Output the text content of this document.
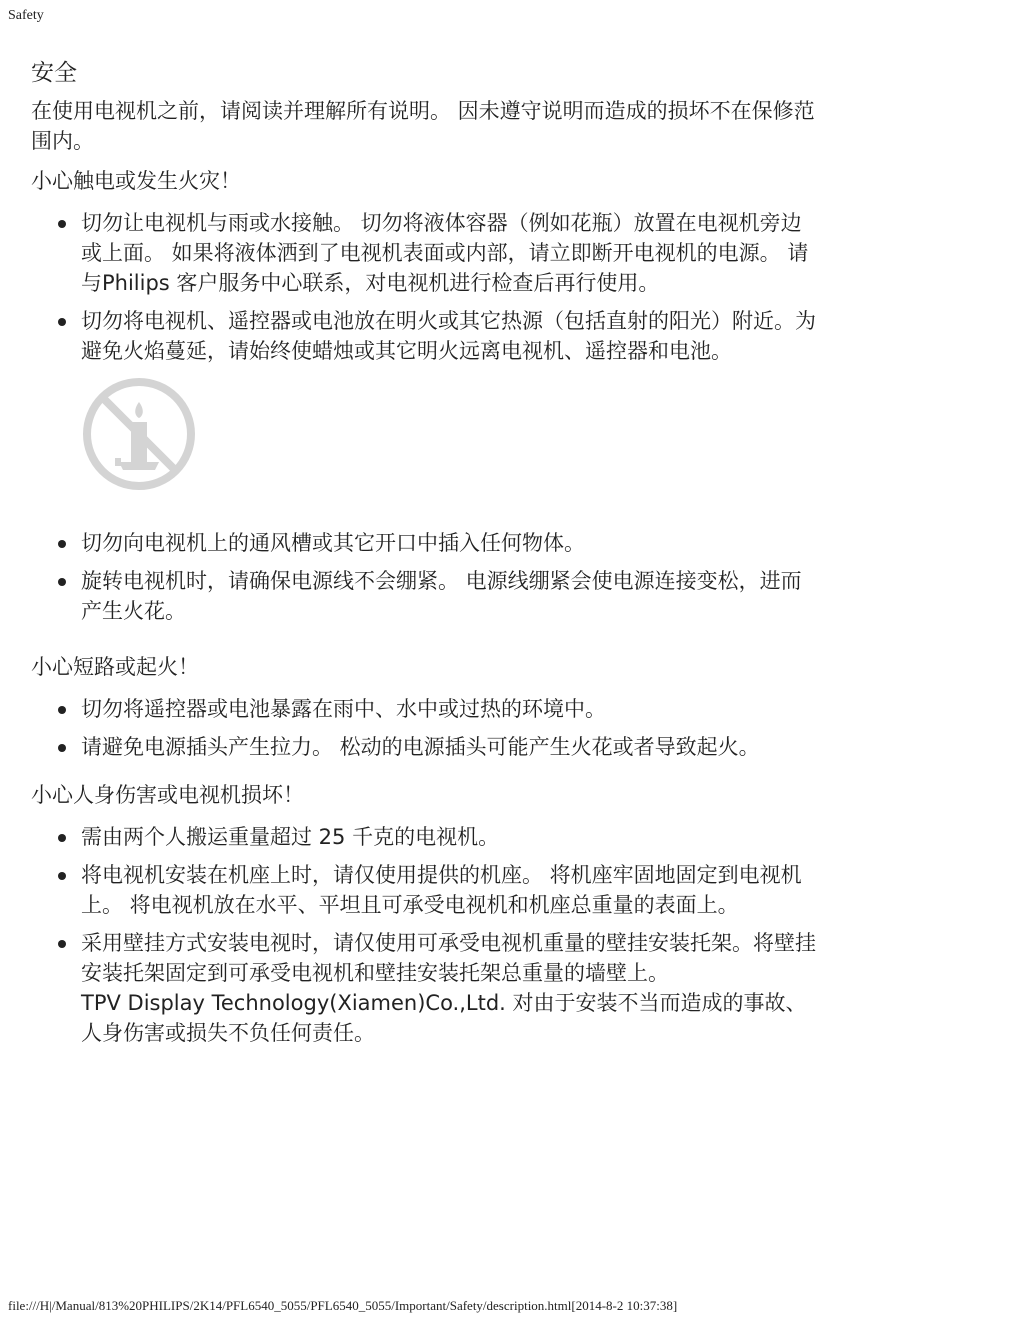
Safety
安全

在使用电视机之前，请阅读并理解所有说明。 因未遵守说明而造成的损坏不在保修范围内。

小心触电或发生火灾！

切勿让电视机与雨或水接触。 切勿将液体容器（例如花瓶）放置在电视机旁边或上面。 如果将液体洒到了电视机表面或内部，请立即断开电视机的电源。 请与Philips 客户服务中心联系，对电视机进行检查后再行使用。
切勿将电视机、遥控器或电池放在明火或其它热源（包括直射的阳光）附近。为避免火焰蔓延，请始终使蜡烛或其它明火远离电视机、遥控器和电池。
切勿向电视机上的通风槽或其它开口中插入任何物体。
旋转电视机时，请确保电源线不会绷紧。 电源线绷紧会使电源连接变松，进而产生火花。

小心短路或起火！

切勿将遥控器或电池暴露在雨中、水中或过热的环境中。
请避免电源插头产生拉力。 松动的电源插头可能产生火花或者导致起火。

小心人身伤害或电视机损坏！

需由两个人搬运重量超过 25 千克的电视机。
将电视机安装在机座上时，请仅使用提供的机座。 将机座牢固地固定到电视机上。 将电视机放在水平、平坦且可承受电视机和机座总重量的表面上。
采用壁挂方式安装电视时，请仅使用可承受电视机重量的壁挂安装托架。将壁挂安装托架固定到可承受电视机和壁挂安装托架总重量的墙壁上。
TPV Display Technology(Xiamen)Co.,Ltd. 对由于安装不当而造成的事故、人身伤害或损失不负任何责任。
file:///H|/Manual/813%20PHILIPS/2K14/PFL6540_5055/PFL6540_5055/Important/Safety/description.html[2014-8-2 10:37:38]
